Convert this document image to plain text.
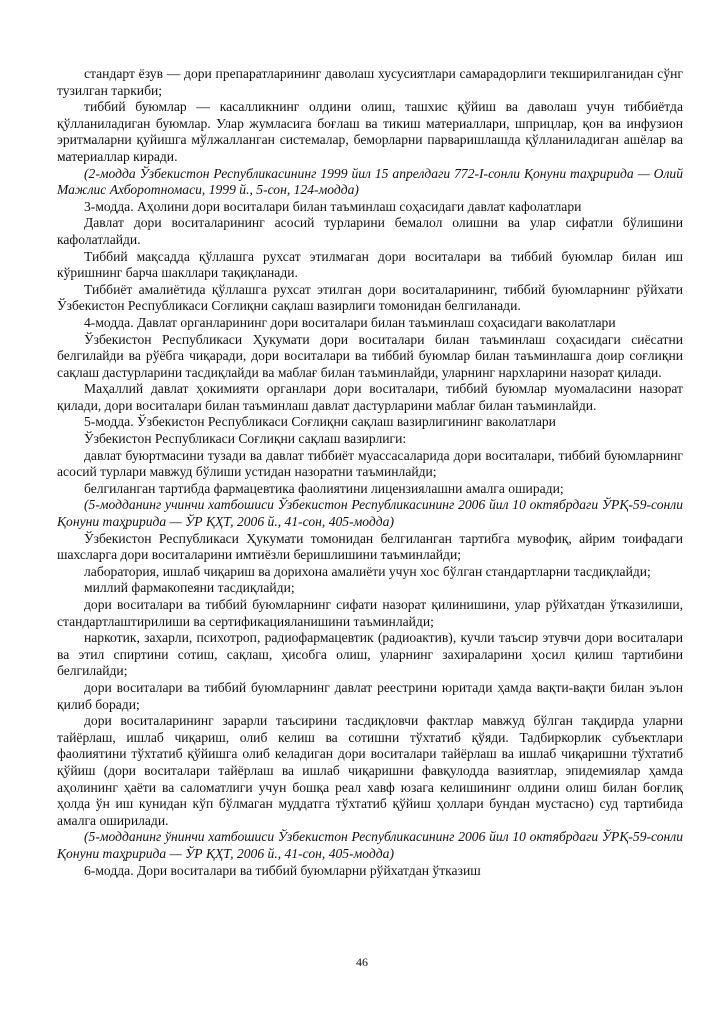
стандарт ёзув — дори препаратларининг даволаш хусусиятлари самарадорлиги текширилганидан сўнг тузилган таркиби;

тиббий буюмлар — касалликнинг олдини олиш, ташхис қўйиш ва даволаш учун тиббиётда қўлланиладиган буюмлар. Улар жумласига боғлаш ва тикиш материаллари, шприцлар, қон ва инфузион эритмаларни қуйишга мўлжалланган системалар, беморларни парваришлашда қўлланиладиган ашёлар ва материаллар киради.

(2-модда Ўзбекистон Республикасининг 1999 йил 15 апрелдаги 772-I-сонли Қонуни таҳририда — Олий Мажлис Ахборотномаси, 1999 й., 5-сон, 124-модда)

3-модда. Аҳолини дори воситалари билан таъминлаш соҳасидаги давлат кафолатлари

Давлат дори воситаларининг асосий турларини бемалол олишни ва улар сифатли бўлишини кафолатлайди.

Тиббий мақсадда қўллашга рухсат этилмаган дори воситалари ва тиббий буюмлар билан иш кўришнинг барча шакллари тақиқланади.

Тиббиёт амалиётида қўллашга рухсат этилган дори воситаларининг, тиббий буюмларнинг рўйхати Ўзбекистон Республикаси Соғлиқни сақлаш вазирлиги томонидан белгиланади.

4-модда. Давлат органларининг дори воситалари билан таъминлаш соҳасидаги ваколатлари

Ўзбекистон Республикаси Ҳукумати дори воситалари билан таъминлаш соҳасидаги сиёсатни белгилайди ва рўёбга чиқаради, дори воситалари ва тиббий буюмлар билан таъминлашга доир соғлиқни сақлаш дастурларини тасдиқлайди ва маблағ билан таъминлайди, уларнинг нархларини назорат қилади.

Маҳаллий давлат ҳокимияти органлари дори воситалари, тиббий буюмлар муомаласини назорат қилади, дори воситалари билан таъминлаш давлат дастурларини маблағ билан таъминлайди.

5-модда. Ўзбекистон Республикаси Соғлиқни сақлаш вазирлигининг ваколатлари

Ўзбекистон Республикаси Соғлиқни сақлаш вазирлиги:

давлат буюртмасини тузади ва давлат тиббиёт муассасаларида дори воситалари, тиббий буюмларнинг асосий турлари мавжуд бўлиши устидан назоратни таъминлайди;

белгиланган тартибда фармацевтика фаолиятини лицензиялашни амалга оширади;

(5-модданинг учинчи хатбошиси Ўзбекистон Республикасининг 2006 йил 10 октябрдаги ЎРҚ-59-сонли Қонуни таҳририда — ЎР ҚҲТ, 2006 й., 41-сон, 405-модда)

Ўзбекистон Республикаси Ҳукумати томонидан белгиланган тартибга мувофиқ, айрим тоифадаги шахсларга дори воситаларини имтиёзли беришлишини таъминлайди;

лаборатория, ишлаб чиқариш ва дорихона амалиёти учун хос бўлган стандартларни тасдиқлайди;

миллий фармакопеяни тасдиқлайди;

дори воситалари ва тиббий буюмларнинг сифати назорат қилинишини, улар рўйхатдан ўтказилиши, стандартлаштирилиши ва сертификацияланишини таъминлайди;

наркотик, захарли, психотроп, радиофармацевтик (радиоактив), кучли таъсир этувчи дори воситалари ва этил спиртини сотиш, сақлаш, ҳисобга олиш, уларнинг захираларини ҳосил қилиш тартибини белгилайди;

дори воситалари ва тиббий буюмларнинг давлат реестрини юритади ҳамда вақти-вақти билан эълон қилиб боради;

дори воситаларининг зарарли таъсирини тасдиқловчи фактлар мавжуд бўлган тақдирда уларни тайёрлаш, ишлаб чиқариш, олиб келиш ва сотишни тўхтатиб қўяди. Тадбиркорлик субъектлари фаолиятини тўхтатиб қўйишга олиб келадиган дори воситалари тайёрлаш ва ишлаб чиқаришни тўхтатиб қўйиш (дори воситалари тайёрлаш ва ишлаб чиқаришни фавқулодда вазиятлар, эпидемиялар ҳамда аҳолининг ҳаёти ва саломатлиги учун бошқа реал хавф юзага келишининг олдини олиш билан боғлиқ ҳолда ўн иш кунидан кўп бўлмаган муддатга тўхтатиб қўйиш ҳоллари бундан мустасно) суд тартибида амалга оширилади.

(5-модданинг ўнинчи хатбошиси Ўзбекистон Республикасининг 2006 йил 10 октябрдаги ЎРҚ-59-сонли Қонуни таҳририда — ЎР ҚҲТ, 2006 й., 41-сон, 405-модда)

6-модда. Дори воситалари ва тиббий буюмларни рўйхатдан ўтказиш

46
